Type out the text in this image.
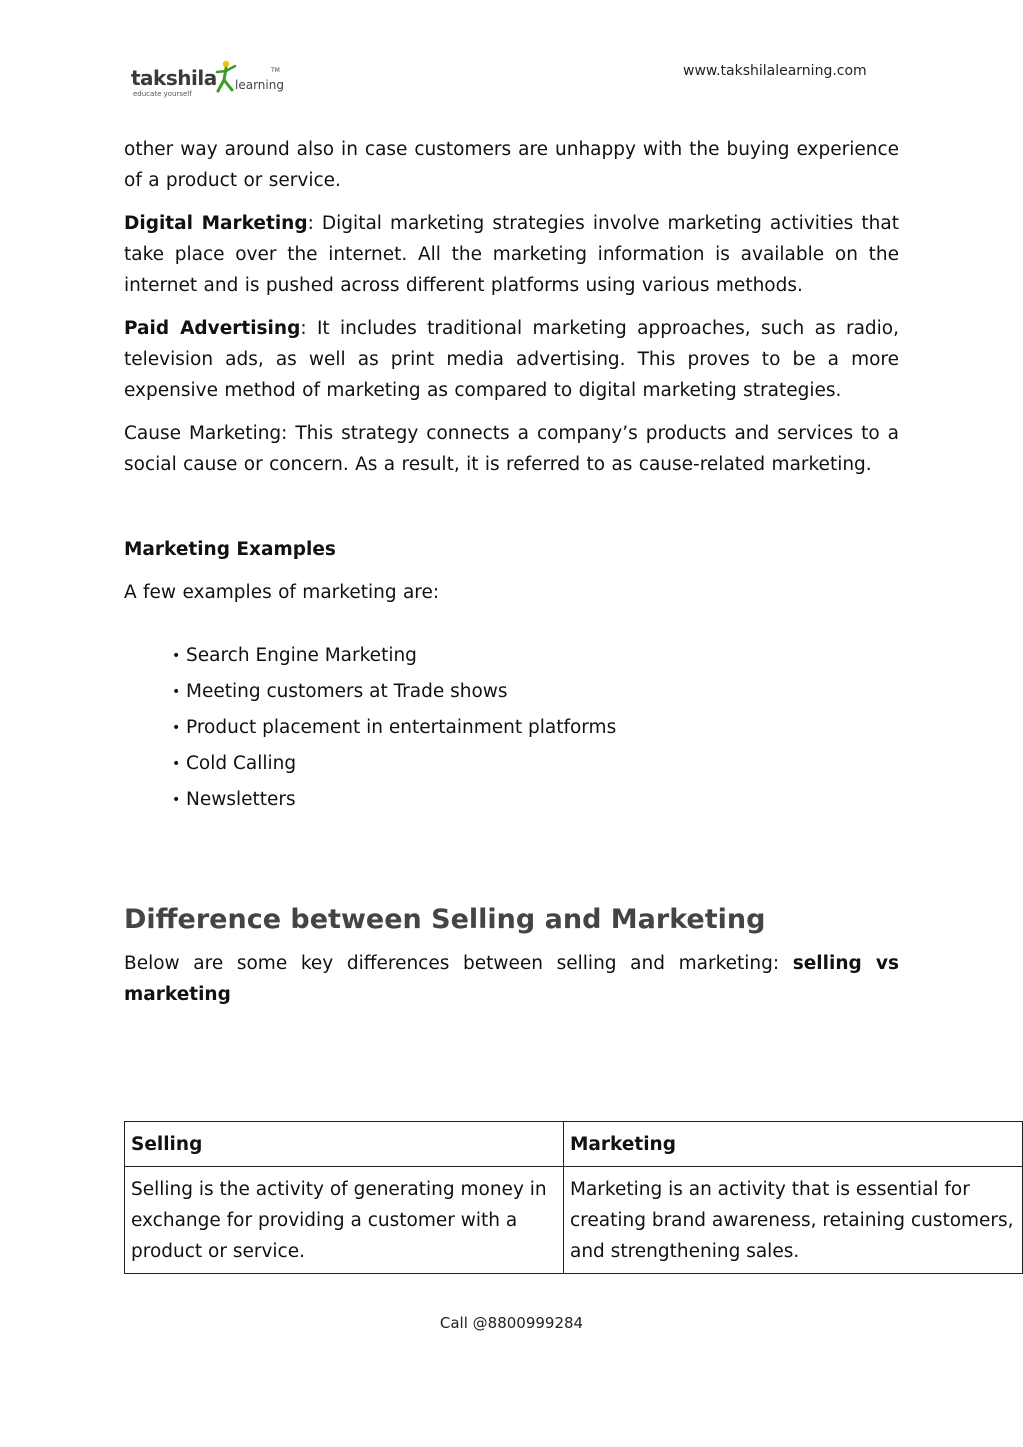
takshila learning
TM
educate yourself
www.takshilalearning.com

other way around also in case customers are unhappy with the buying experience of a product or service.

Digital Marketing: Digital marketing strategies involve marketing activities that take place over the internet. All the marketing information is available on the internet and is pushed across different platforms using various methods.

Paid Advertising: It includes traditional marketing approaches, such as radio, television ads, as well as print media advertising. This proves to be a more expensive method of marketing as compared to digital marketing strategies.

Cause Marketing: This strategy connects a company’s products and services to a social cause or concern. As a result, it is referred to as cause-related marketing.

Marketing Examples

A few examples of marketing are:

• Search Engine Marketing
• Meeting customers at Trade shows
• Product placement in entertainment platforms
• Cold Calling
• Newsletters
Difference between Selling and Marketing

Below are some key differences between selling and marketing: selling vs marketing

Selling	Marketing
Selling is the activity of generating money in exchange for providing a customer with a product or service.	Marketing is an activity that is essential for creating brand awareness, retaining customers, and strengthening sales.
Call @8800999284
